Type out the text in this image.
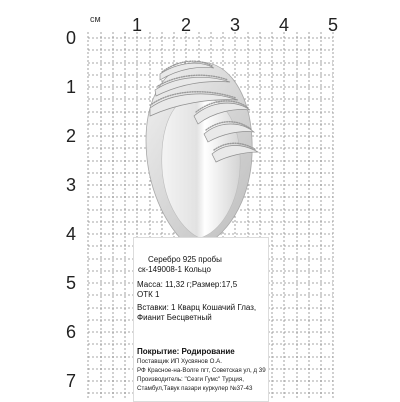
см 1 2 3 4 5
0
1
2
3
4
5
6
7
Серебро 925 пробы
ск-149008-1 Кольцо
Масса: 11,32 г;Размер:17,5
ОТК 1
Вставки: 1 Кварц Кошачий Глаз,
Фианит Бесцветный
Покрытие: Родирование
Поставщик ИП Хусвянов О.А.
РФ Красное-на-Волге пгт, Советская ул, д 39
Производитель: "Сезги Гумс" Турция,
Стамбул,Тавук пазари куркулер №37-43
